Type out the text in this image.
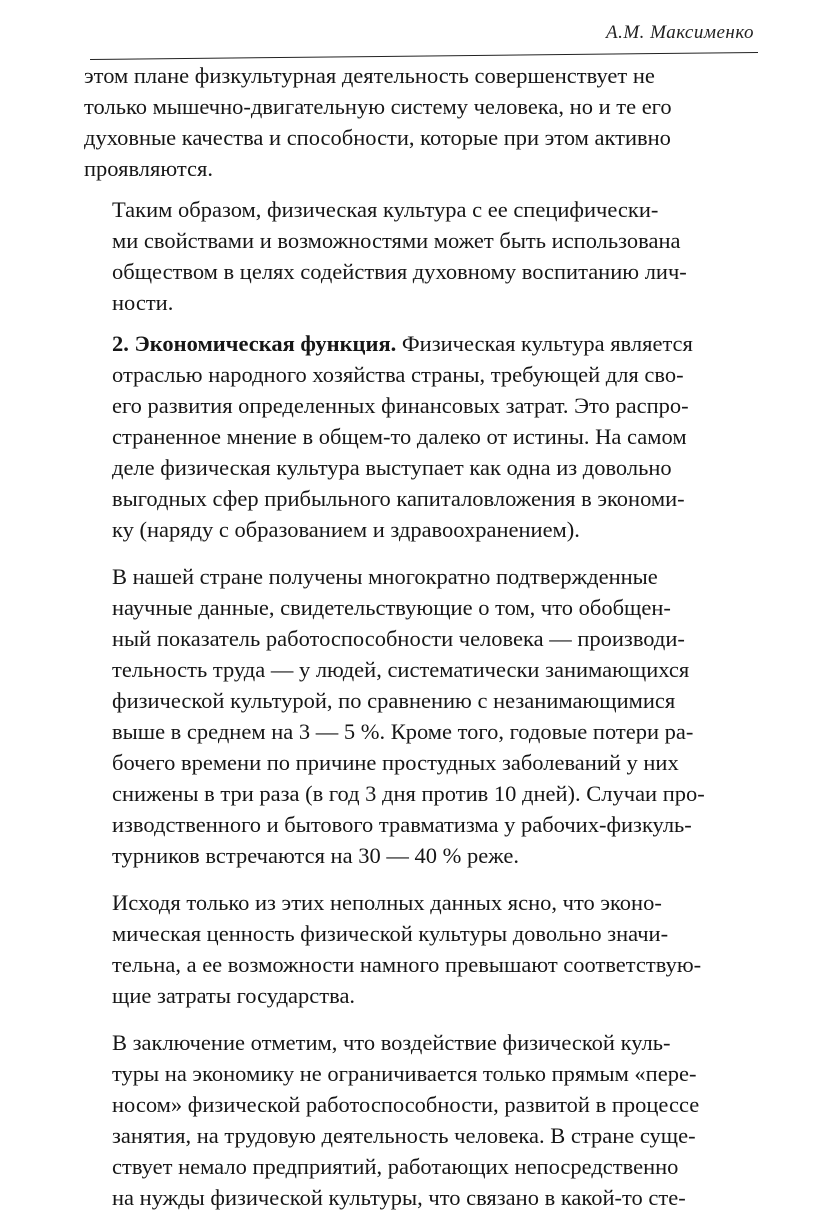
А.М. Максименко

этом плане физкультурная деятельность совершенствует не
только мышечно-двигательную систему человека, но и те его
духовные качества и способности, которые при этом активно
проявляются.

Таким образом, физическая культура с ее специфически-
ми свойствами и возможностями может быть использована
обществом в целях содействия духовному воспитанию лич-
ности.

2. Экономическая функция. Физическая культура является
отраслью народного хозяйства страны, требующей для сво-
его развития определенных финансовых затрат. Это распро-
страненное мнение в общем-то далеко от истины. На самом
деле физическая культура выступает как одна из довольно
выгодных сфер прибыльного капиталовложения в экономи-
ку (наряду с образованием и здравоохранением).

В нашей стране получены многократно подтвержденные
научные данные, свидетельствующие о том, что обобщен-
ный показатель работоспособности человека — производи-
тельность труда — у людей, систематически занимающихся
физической культурой, по сравнению с незанимающимися
выше в среднем на 3 — 5 %. Кроме того, годовые потери ра-
бочего времени по причине простудных заболеваний у них
снижены в три раза (в год 3 дня против 10 дней). Случаи про-
изводственного и бытового травматизма у рабочих-физкуль-
турников встречаются на 30 — 40 % реже.

Исходя только из этих неполных данных ясно, что эконо-
мическая ценность физической культуры довольно значи-
тельна, а ее возможности намного превышают соответствую-
щие затраты государства.

В заключение отметим, что воздействие физической куль-
туры на экономику не ограничивается только прямым «пере-
носом» физической работоспособности, развитой в процессе
занятия, на трудовую деятельность человека. В стране суще-
ствует немало предприятий, работающих непосредственно
на нужды физической культуры, что связано в какой-то сте-
